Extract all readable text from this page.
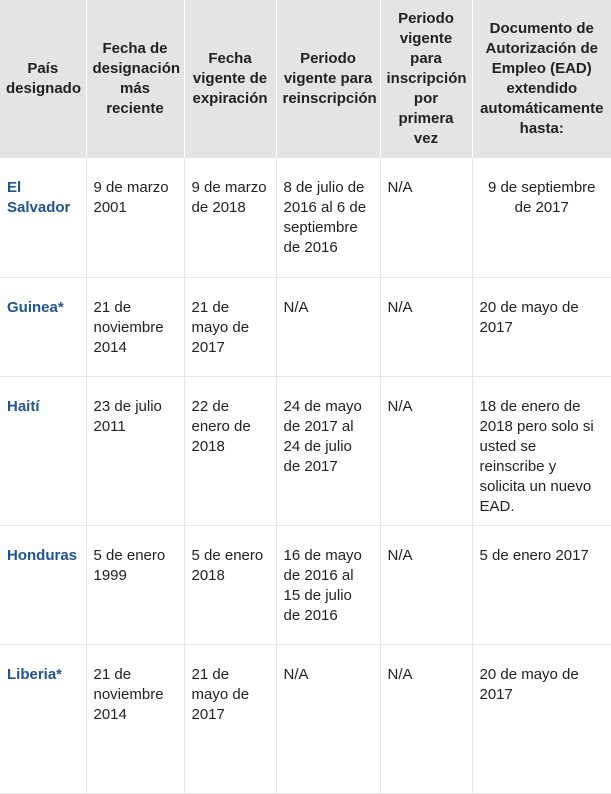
País designado	Fecha de designación más reciente	Fecha vigente de expiración	Periodo vigente para reinscripción	Periodo vigente para inscripción por primera vez	Documento de Autorización de Empleo (EAD) extendido automáticamente hasta:
El Salvador	9 de marzo 2001	9 de marzo de 2018	8 de julio de 2016 al 6 de septiembre de 2016	N/A	9 de septiembre de 2017
Guinea*	21 de noviembre 2014	21 de mayo de 2017	N/A	N/A	20 de mayo de 2017
Haití	23 de julio 2011	22 de enero de 2018	24 de mayo de 2017 al 24 de julio de 2017	N/A	18 de enero de 2018 pero solo si usted se reinscribe y solicita un nuevo EAD.
Honduras	5 de enero 1999	5 de enero 2018	16 de mayo de 2016 al 15 de julio de 2016	N/A	5 de enero 2017
Liberia*	21 de noviembre 2014	21 de mayo de 2017	N/A	N/A	20 de mayo de 2017
